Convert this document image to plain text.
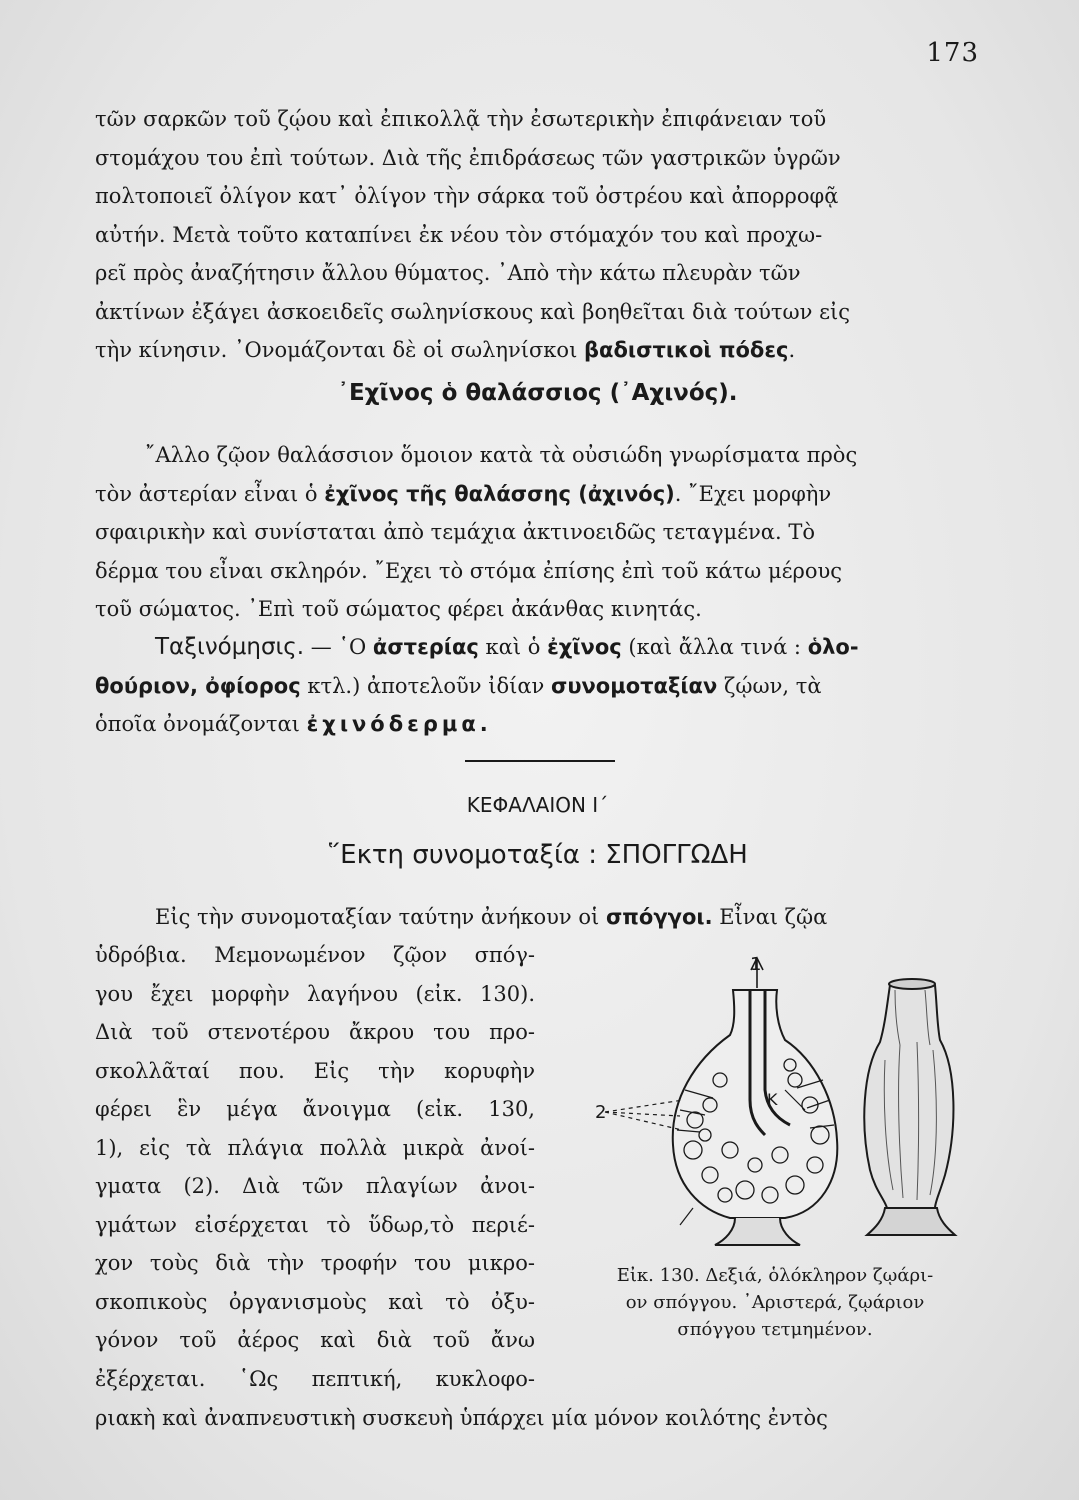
173
τῶν σαρκῶν τοῦ ζῴου καὶ ἐπικολλᾷ τὴν ἐσωτερικὴν ἐπιφάνειαν τοῦ
στομάχου του ἐπὶ τούτων. Διὰ τῆς ἐπιδράσεως τῶν γαστρικῶν ὑγρῶν
πολτοποιεῖ ὀλίγον κατ᾽ ὀλίγον τὴν σάρκα τοῦ ὀστρέου καὶ ἀπορροφᾷ
αὐτήν. Μετὰ τοῦτο καταπίνει ἐκ νέου τὸν στόμαχόν του καὶ προχω-
ρεῖ πρὸς ἀναζήτησιν ἄλλου θύματος. ᾿Απὸ τὴν κάτω πλευρὰν τῶν
ἀκτίνων ἐξάγει ἀσκοειδεῖς σωληνίσκους καὶ βοηθεῖται διὰ τούτων εἰς
τὴν κίνησιν. ᾿Ονομάζονται δὲ οἱ σωληνίσκοι βαδιστικοὶ πόδες.
᾿Εχῖνος ὁ θαλάσσιος (᾿Αχινός).
῎Αλλο ζῷον θαλάσσιον ὅμοιον κατὰ τὰ οὐσιώδη γνωρίσματα πρὸς
τὸν ἀστερίαν εἶναι ὁ ἐχῖνος τῆς θαλάσσης (ἀχινός). ῎Εχει μορφὴν
σφαιρικὴν καὶ συνίσταται ἀπὸ τεμάχια ἀκτινοειδῶς τεταγμένα. Τὸ
δέρμα του εἶναι σκληρόν. ῎Εχει τὸ στόμα ἐπίσης ἐπὶ τοῦ κάτω μέρους
τοῦ σώματος. ᾿Επὶ τοῦ σώματος φέρει ἀκάνθας κινητάς.
Ταξινόμησις. — ῾Ο ἀστερίας καὶ ὁ ἐχῖνος (καὶ ἄλλα τινά : ὁλο-
θούριον, ὀφίορος κτλ.) ἀποτελοῦν ἰδίαν συνομοταξίαν ζῴων, τὰ
ὁποῖα ὀνομάζονται ἐχινόδερμα.
ΚΕΦΑΛΑΙΟΝ Ι΄
῞Εκτη συνομοταξία : ΣΠΟΓΓΩΔΗ
Εἰς τὴν συνομοταξίαν ταύτην ἀνήκουν οἱ σπόγγοι. Εἶναι ζῷα
ὑδρόβια. Μεμονωμένον ζῷον σπόγ-
γου ἔχει μορφὴν λαγήνου (εἰκ. 130).
Διὰ τοῦ στενοτέρου ἄκρου του προ-
σκολλᾶταί που. Εἰς τὴν κορυφὴν
φέρει ἓν μέγα ἄνοιγμα (εἰκ. 130,
1), εἰς τὰ πλάγια πολλὰ μικρὰ ἀνοί-
γματα (2). Διὰ τῶν πλαγίων ἀνοι-
γμάτων εἰσέρχεται τὸ ὕδωρ,τὸ περιέ-
χον τοὺς διὰ τὴν τροφήν του μικρο-
σκοπικοὺς ὀργανισμοὺς καὶ τὸ ὀξυ-
γόνον τοῦ ἀέρος καὶ διὰ τοῦ ἄνω
ἐξέρχεται. ῾Ως πεπτική, κυκλοφο-
ριακὴ καὶ ἀναπνευστικὴ συσκευὴ ὑπάρχει μία μόνον κοιλότης ἐντὸς
1
2
K
Εἰκ. 130. Δεξιά, ὁλόκληρον ζῳάρι-
ον σπόγγου. ᾿Αριστερά, ζῳάριον
σπόγγου τετμημένον.
